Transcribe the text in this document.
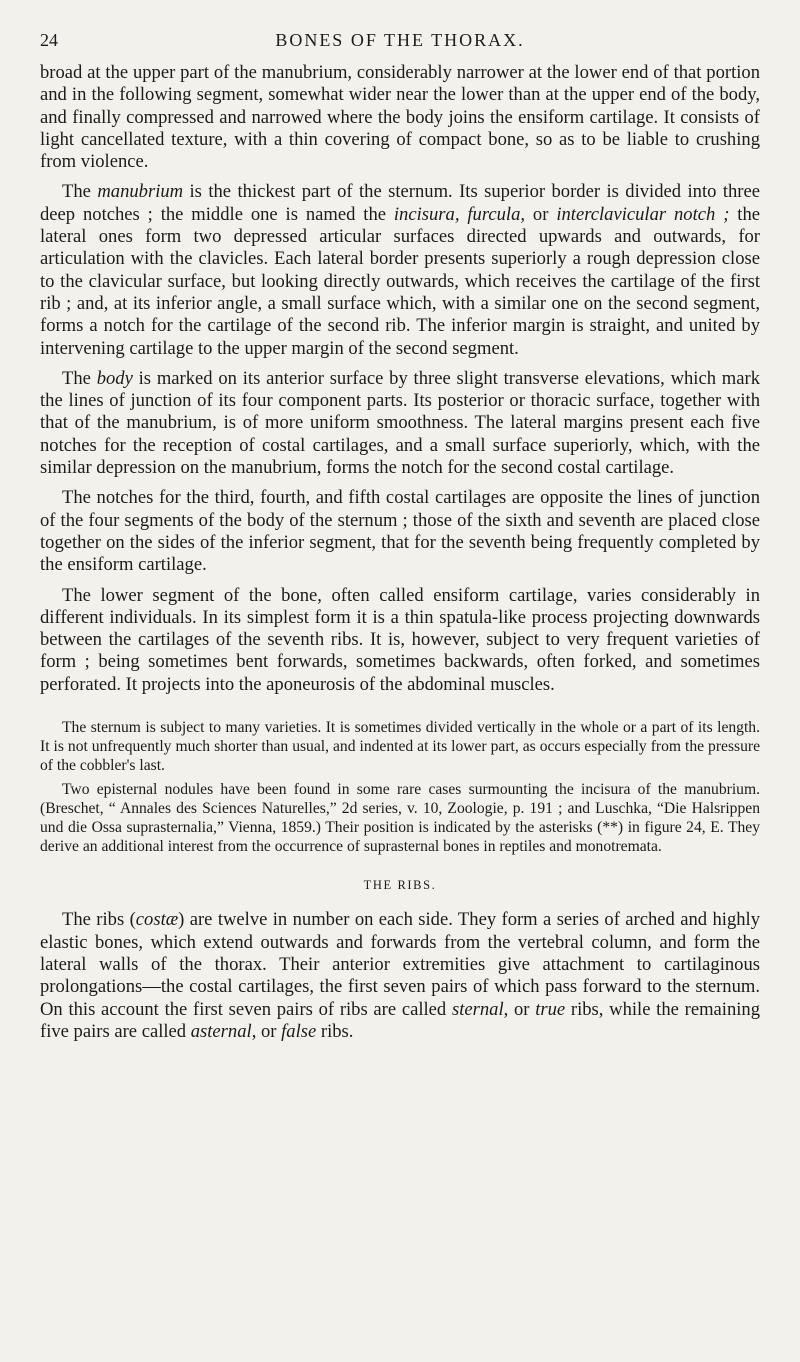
24	BONES OF THE THORAX.

broad at the upper part of the manubrium, considerably narrower at the lower end of that portion and in the following segment, somewhat wider near the lower than at the upper end of the body, and finally compressed and narrowed where the body joins the ensiform cartilage. It consists of light cancellated texture, with a thin covering of compact bone, so as to be liable to crushing from violence.

The manubrium is the thickest part of the sternum. Its superior border is divided into three deep notches ; the middle one is named the incisura, furcula, or interclavicular notch ; the lateral ones form two depressed articular surfaces directed upwards and outwards, for articulation with the clavicles. Each lateral border presents superiorly a rough depression close to the clavicular surface, but looking directly outwards, which receives the cartilage of the first rib ; and, at its inferior angle, a small surface which, with a similar one on the second segment, forms a notch for the cartilage of the second rib. The inferior margin is straight, and united by intervening cartilage to the upper margin of the second segment.

The body is marked on its anterior surface by three slight transverse elevations, which mark the lines of junction of its four component parts. Its posterior or thoracic surface, together with that of the manubrium, is of more uniform smoothness. The lateral margins present each five notches for the reception of costal cartilages, and a small surface superiorly, which, with the similar depression on the manubrium, forms the notch for the second costal cartilage.

The notches for the third, fourth, and fifth costal cartilages are opposite the lines of junction of the four segments of the body of the sternum ; those of the sixth and seventh are placed close together on the sides of the inferior segment, that for the seventh being frequently completed by the ensiform cartilage.

The lower segment of the bone, often called ensiform cartilage, varies considerably in different individuals. In its simplest form it is a thin spatula-like process projecting downwards between the cartilages of the seventh ribs. It is, however, subject to very frequent varieties of form ; being sometimes bent forwards, sometimes backwards, often forked, and sometimes perforated. It projects into the aponeurosis of the abdominal muscles.

The sternum is subject to many varieties. It is sometimes divided vertically in the whole or a part of its length. It is not unfrequently much shorter than usual, and indented at its lower part, as occurs especially from the pressure of the cobbler's last.

Two episternal nodules have been found in some rare cases surmounting the incisura of the manubrium. (Breschet, “ Annales des Sciences Naturelles,” 2d series, v. 10, Zoologie, p. 191 ; and Luschka, “Die Halsrippen und die Ossa suprasternalia,” Vienna, 1859.) Their position is indicated by the asterisks (**) in figure 24, E. They derive an additional interest from the occurrence of suprasternal bones in reptiles and monotremata.

THE RIBS.

The ribs (costæ) are twelve in number on each side. They form a series of arched and highly elastic bones, which extend outwards and forwards from the vertebral column, and form the lateral walls of the thorax. Their anterior extremities give attachment to cartilaginous prolongations—the costal cartilages, the first seven pairs of which pass forward to the sternum. On this account the first seven pairs of ribs are called sternal, or true ribs, while the remaining five pairs are called asternal, or false ribs.
